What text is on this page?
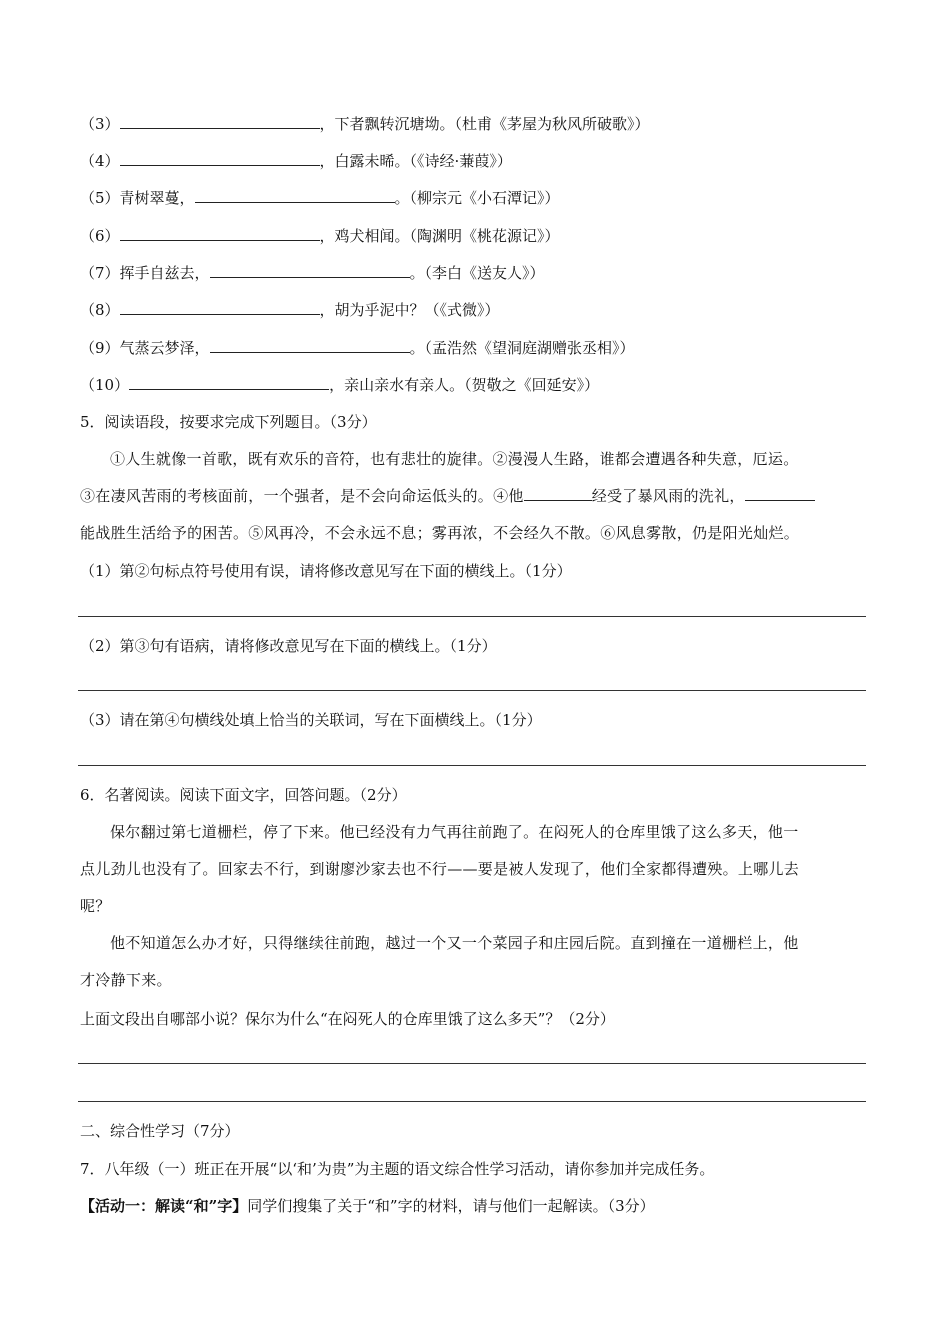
（3）	，下者飘转沉塘坳。（杜甫《茅屋为秋风所破歌》）
（4）	，白露未晞。（《诗经·蒹葭》）
（5）青树翠蔓，	。（柳宗元《小石潭记》）
（6）	，鸡犬相闻。（陶渊明《桃花源记》）
（7）挥手自兹去，	。（李白《送友人》）
（8）	，胡为乎泥中？（《式微》）
（9）气蒸云梦泽，	。（孟浩然《望洞庭湖赠张丞相》）
（10）	，亲山亲水有亲人。（贺敬之《回延安》）
5．阅读语段，按要求完成下列题目。（3分）

①人生就像一首歌，既有欢乐的音符，也有悲壮的旋律。②漫漫人生路，谁都会遭遇各种失意，厄运。

③在凄风苦雨的考核面前，一个强者，是不会向命运低头的。④他	经受了暴风雨的洗礼，
能战胜生活给予的困苦。⑤风再冷，不会永远不息；雾再浓，不会经久不散。⑥风息雾散，仍是阳光灿烂。
（1）第②句标点符号使用有误，请将修改意见写在下面的横线上。（1分）
（2）第③句有语病，请将修改意见写在下面的横线上。（1分）
（3）请在第④句横线处填上恰当的关联词，写在下面横线上。（1分）
6．名著阅读。阅读下面文字，回答问题。（2分）

保尔翻过第七道栅栏，停了下来。他已经没有力气再往前跑了。在闷死人的仓库里饿了这么多天，他一

点儿劲儿也没有了。回家去不行，到谢廖沙家去也不行——要是被人发现了，他们全家都得遭殃。上哪儿去
呢？

他不知道怎么办才好，只得继续往前跑，越过一个又一个菜园子和庄园后院。直到撞在一道栅栏上，他

才冷静下来。
上面文段出自哪部小说？保尔为什么“在闷死人的仓库里饿了这么多天”？（2分）
二、综合性学习（7分）
7．八年级（一）班正在开展“以‘和’为贵”为主题的语文综合性学习活动，请你参加并完成任务。
【活动一：解读“和”字】同学们搜集了关于“和”字的材料，请与他们一起解读。（3分）
